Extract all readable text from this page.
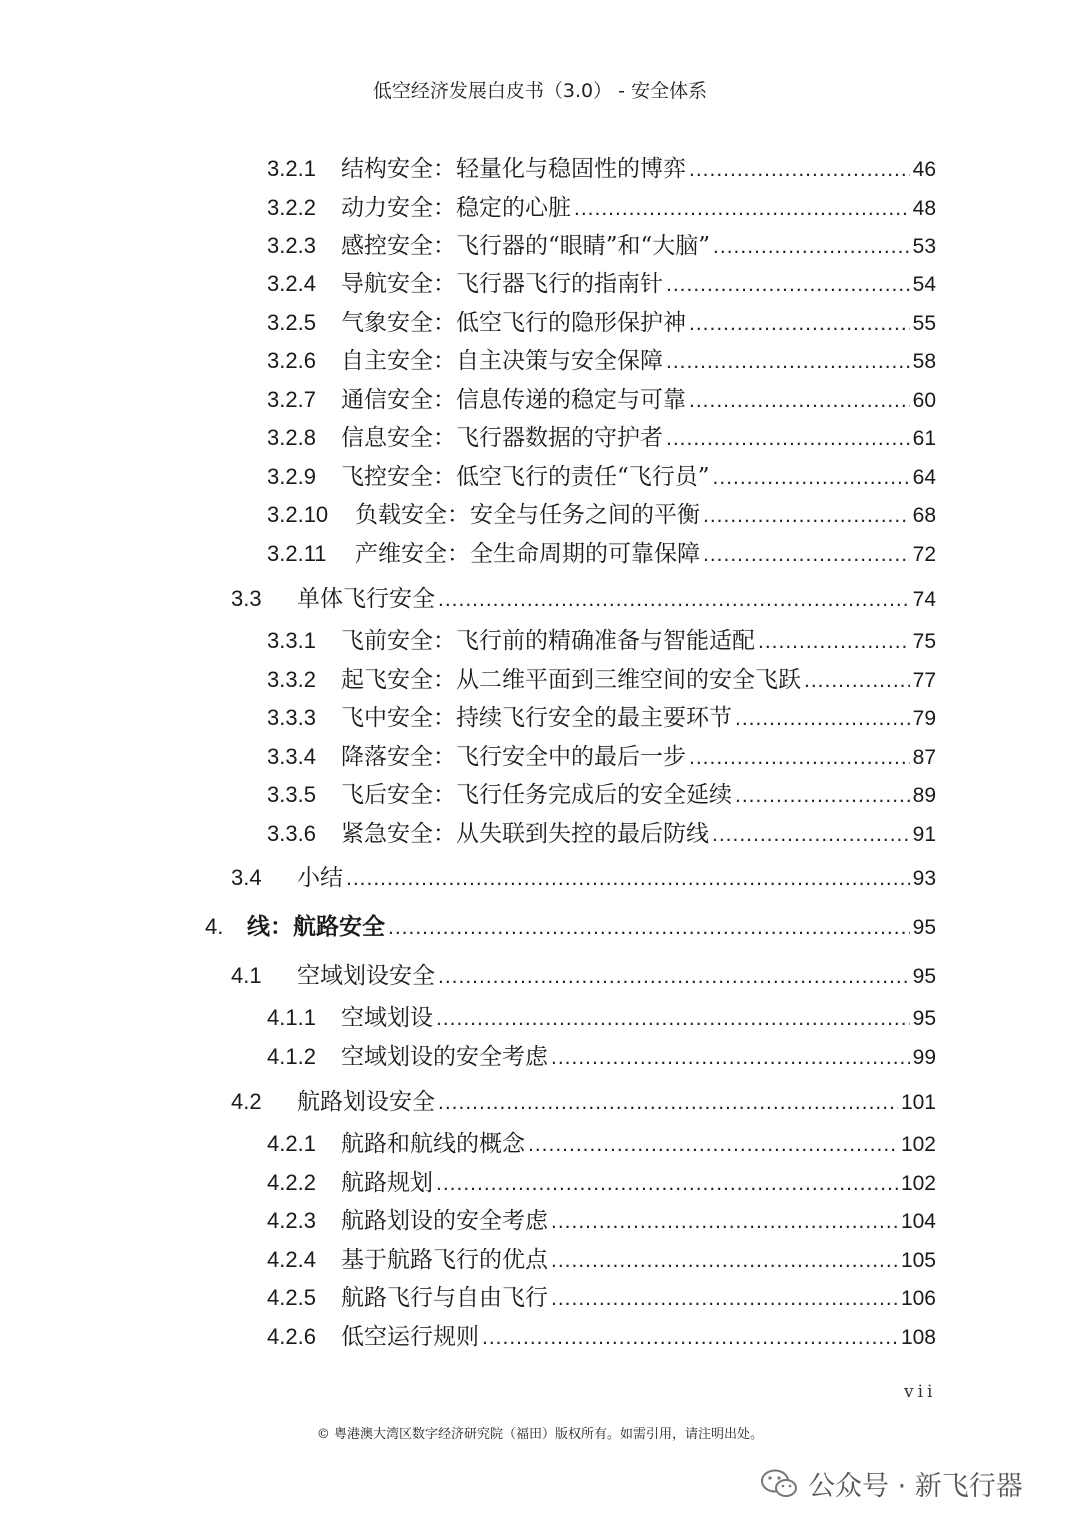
低空经济发展白皮书（3.0） - 安全体系
3.2.1	结构安全：轻量化与稳固性的博弈 .....	46
3.2.2	动力安全：稳定的心脏 .....	48
3.2.3	感控安全：飞行器的“眼睛”和“大脑” .....	53
3.2.4	导航安全：飞行器飞行的指南针 .....	54
3.2.5	气象安全：低空飞行的隐形保护神 .....	55
3.2.6	自主安全：自主决策与安全保障 .....	58
3.2.7	通信安全：信息传递的稳定与可靠 .....	60
3.2.8	信息安全：飞行器数据的守护者 .....	61
3.2.9	飞控安全：低空飞行的责任“飞行员” .....	64
3.2.10	负载安全：安全与任务之间的平衡 .....	68
3.2.11	产维安全：全生命周期的可靠保障 .....	72
3.3	单体飞行安全 .....	74
3.3.1	飞前安全：飞行前的精确准备与智能适配 .....	75
3.3.2	起飞安全：从二维平面到三维空间的安全飞跃 .....	77
3.3.3	飞中安全：持续飞行安全的最主要环节 .....	79
3.3.4	降落安全：飞行安全中的最后一步 .....	87
3.3.5	飞后安全：飞行任务完成后的安全延续 .....	89
3.3.6	紧急安全：从失联到失控的最后防线 .....	91
3.4	小结 .....	93
4.	线：航路安全 .....	95
4.1	空域划设安全 .....	95
4.1.1	空域划设 .....	95
4.1.2	空域划设的安全考虑 .....	99
4.2	航路划设安全 .....	101
4.2.1	航路和航线的概念 .....	102
4.2.2	航路规划 .....	102
4.2.3	航路划设的安全考虑 .....	104
4.2.4	基于航路飞行的优点 .....	105
4.2.5	航路飞行与自由飞行 .....	106
4.2.6	低空运行规则 .....	108
vii
© 粤港澳大湾区数字经济研究院（福田）版权所有。如需引用，请注明出处。
公众号 · 新飞行器
